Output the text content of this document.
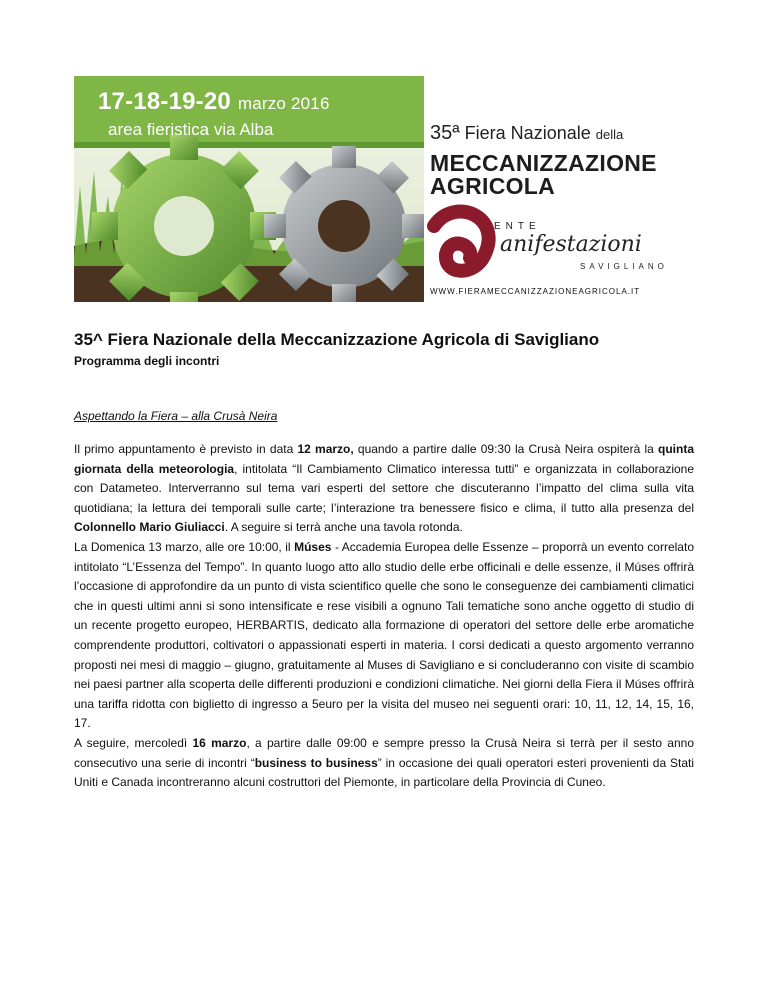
17-18-19-20 marzo 2016
area fieristica via Alba	35ª Fiera Nazionale della
MECCANIZZAZIONE
AGRICOLA
ENTE
anifestazioni
SAVIGLIANO
WWW.FIERAMECCANIZZAZIONEAGRICOLA.IT
35^ Fiera Nazionale della Meccanizzazione Agricola di Savigliano
Programma degli incontri

Aspettando la Fiera – alla Crusà Neira

Il primo appuntamento è previsto in data 12 marzo, quando a partire dalle 09:30 la Crusà Neira ospiterà la quinta giornata della meteorologia, intitolata “Il Cambiamento Climatico interessa tutti” e organizzata in collaborazione con Datameteo. Interverranno sul tema vari esperti del settore che discuteranno l’impatto del clima sulla vita quotidiana; la lettura dei temporali sulle carte; l’interazione tra benessere fisico e clima, il tutto alla presenza del Colonnello Mario Giuliacci. A seguire si terrà anche una tavola rotonda.
La Domenica 13 marzo, alle ore 10:00, il Múses - Accademia Europea delle Essenze – proporrà un evento correlato intitolato “L’Essenza del Tempo”. In quanto luogo atto allo studio delle erbe officinali e delle essenze, il Múses offrirà l’occasione di approfondire da un punto di vista scientifico quelle che sono le conseguenze dei cambiamenti climatici che in questi ultimi anni si sono intensificate e rese visibili a ognuno Tali tematiche sono anche oggetto di studio di un recente progetto europeo, HERBARTIS, dedicato alla formazione di operatori del settore delle erbe aromatiche comprendente produttori, coltivatori o appassionati esperti in materia. I corsi dedicati a questo argomento verranno proposti nei mesi di maggio – giugno, gratuitamente al Muses di Savigliano e si concluderanno con visite di scambio nei paesi partner alla scoperta delle differenti produzioni e condizioni climatiche. Nei giorni della Fiera il Múses offrirà una tariffa ridotta con biglietto di ingresso a 5euro per la visita del museo nei seguenti orari: 10, 11, 12, 14, 15, 16, 17.

A seguire, mercoledì 16 marzo, a partire dalle 09:00 e sempre presso la Crusà Neira si terrà per il sesto anno consecutivo una serie di incontri “business to business” in occasione dei quali operatori esteri provenienti da Stati Uniti e Canada incontreranno alcuni costruttori del Piemonte, in particolare della Provincia di Cuneo.
